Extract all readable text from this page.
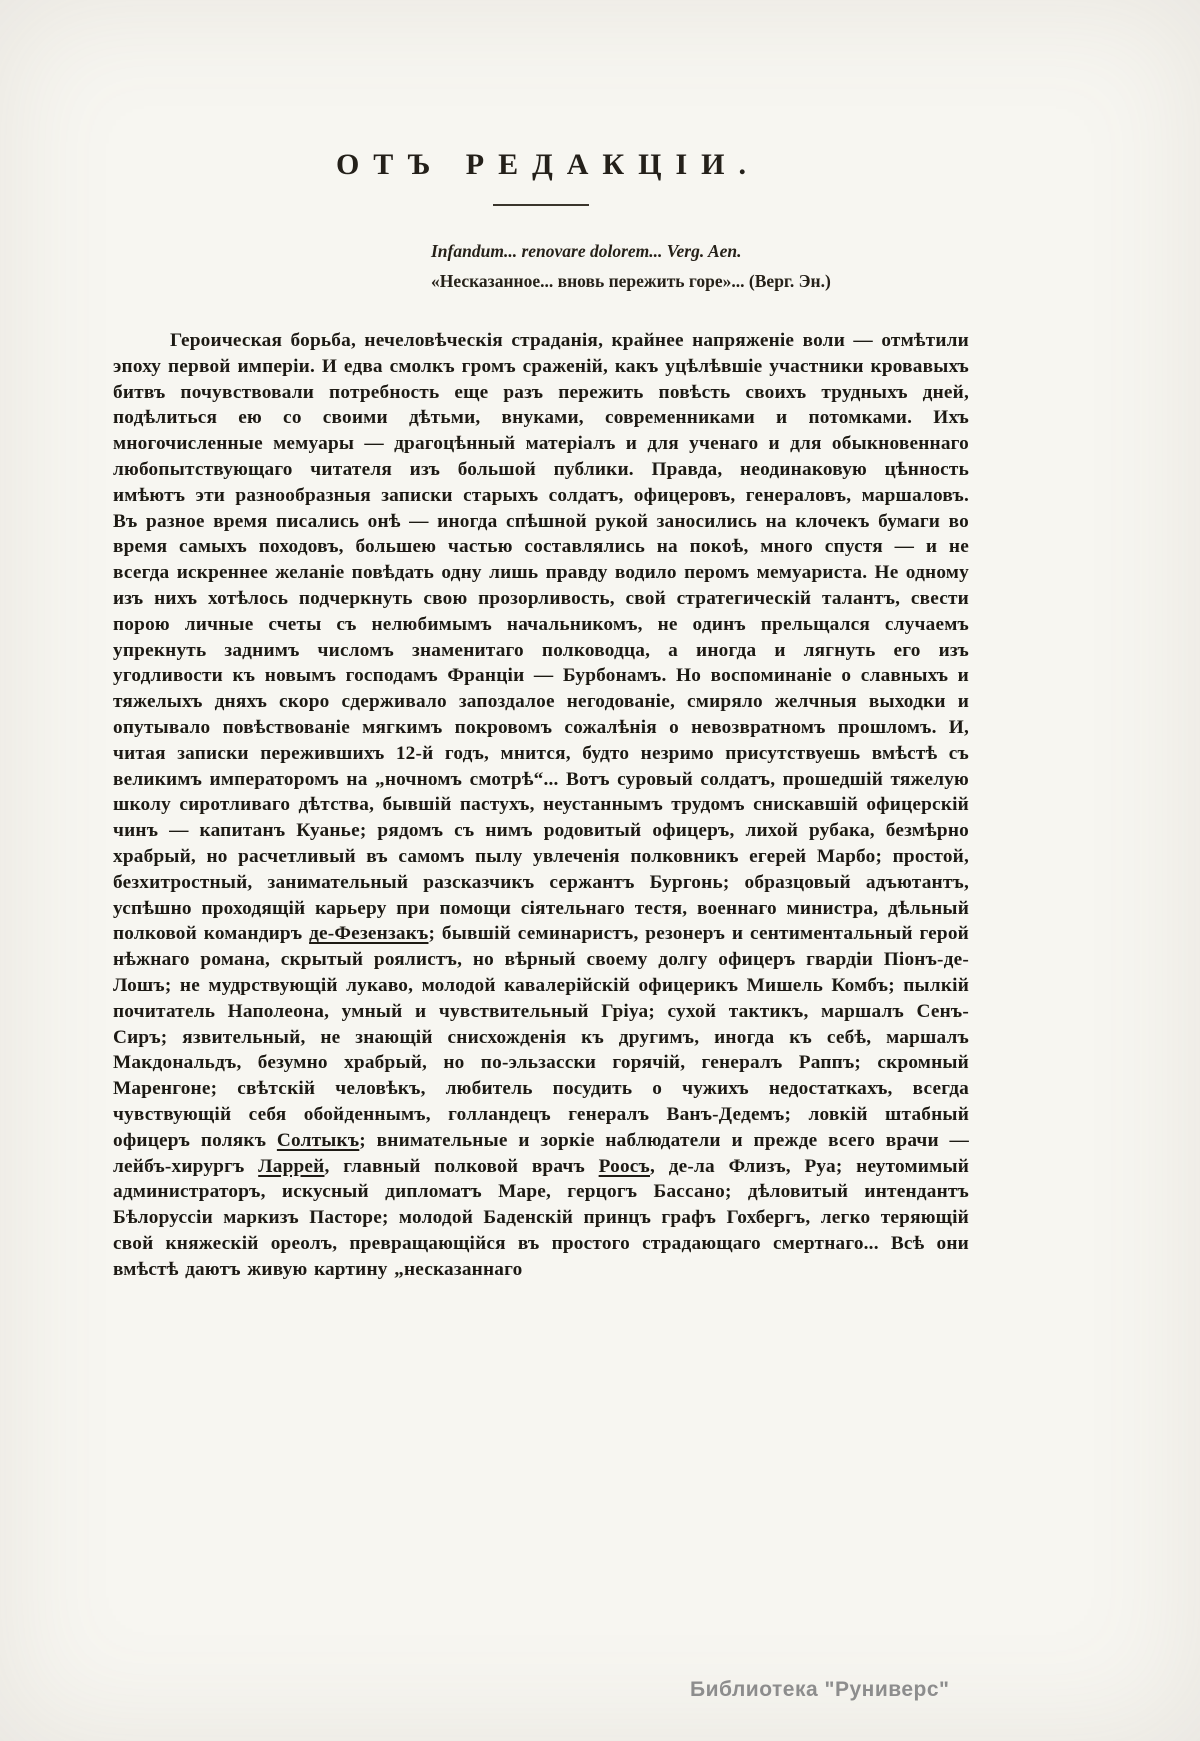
ОТЪ РЕДАКЦІИ.
Infandum... renovare dolorem... Verg. Aen.
«Несказанное... вновь пережить горе»... (Верг. Эн.)

Героическая борьба, нечеловѣческія страданія, крайнее напряженіе воли — отмѣтили эпоху первой имперіи. И едва смолкъ громъ сраженій, какъ уцѣлѣвшіе участники кровавыхъ битвъ почувствовали потребность еще разъ пережить повѣсть своихъ трудныхъ дней, подѣлиться ею со своими дѣтьми, внуками, современниками и потомками. Ихъ многочисленные мемуары — драгоцѣнный матеріалъ и для ученаго и для обыкновеннаго любопытствующаго читателя изъ большой публики. Правда, неодинаковую цѣнность имѣютъ эти разнообразныя записки старыхъ солдатъ, офицеровъ, генераловъ, маршаловъ. Въ разное время писались онѣ — иногда спѣшной рукой заносились на клочекъ бумаги во время самыхъ походовъ, большею частью составлялись на покоѣ, много спустя — и не всегда искреннее желаніе повѣдать одну лишь правду водило перомъ мемуариста. Не одному изъ нихъ хотѣлось подчеркнуть свою прозорливость, свой стратегическій талантъ, свести порою личные счеты съ нелюбимымъ начальникомъ, не одинъ прельщался случаемъ упрекнуть заднимъ числомъ знаменитаго полководца, а иногда и лягнуть его изъ угодливости къ новымъ господамъ Франціи — Бурбонамъ. Но воспоминаніе о славныхъ и тяжелыхъ дняхъ скоро сдерживало запоздалое негодованіе, смиряло желчныя выходки и опутывало повѣствованіе мягкимъ покровомъ сожалѣнія о невозвратномъ прошломъ. И, читая записки пережившихъ 12-й годъ, мнится, будто незримо присутствуешь вмѣстѣ съ великимъ императоромъ на „ночномъ смотрѣ“... Вотъ суровый солдатъ, прошедшій тяжелую школу сиротливаго дѣтства, бывшій пастухъ, неустаннымъ трудомъ снискавшій офицерскій чинъ — капитанъ Куанье; рядомъ съ нимъ родовитый офицеръ, лихой рубака, безмѣрно храбрый, но расчетливый въ самомъ пылу увлеченія полковникъ егерей Марбо; простой, безхитростный, занимательный разсказчикъ сержантъ Бургонь; образцовый адъютантъ, успѣшно проходящій карьеру при помощи сіятельнаго тестя, военнаго министра, дѣльный полковой командиръ де-Фезензакъ; бывшій семинаристъ, резонеръ и сентиментальный герой нѣжнаго романа, скрытый роялистъ, но вѣрный своему долгу офицеръ гвардіи Піонъ-де-Лошъ; не мудрствующій лукаво, молодой кавалерійскій офицерикъ Мишель Комбъ; пылкій почитатель Наполеона, умный и чувствительный Гріуа; сухой тактикъ, маршалъ Сенъ-Сиръ; язвительный, не знающій снисхожденія къ другимъ, иногда къ себѣ, маршалъ Макдональдъ, безумно храбрый, но по-эльзасски горячій, генералъ Раппъ; скромный Маренгоне; свѣтскій человѣкъ, любитель посудить о чужихъ недостаткахъ, всегда чувствующій себя обойденнымъ, голландецъ генералъ Ванъ-Дедемъ; ловкій штабный офицеръ полякъ Солтыкъ; внимательные и зоркіе наблюдатели и прежде всего врачи — лейбъ-хирургъ Ларрей, главный полковой врачъ Роосъ, де-ла Флизъ, Руа; неутомимый администраторъ, искусный дипломатъ Маре, герцогъ Бассано; дѣловитый интендантъ Бѣлоруссіи маркизъ Пасторе; молодой Баденскій принцъ графъ Гохбергъ, легко теряющій свой княжескій ореолъ, превращающійся въ простого страдающаго смертнаго... Всѣ они вмѣстѣ даютъ живую картину „несказаннаго

Библиотека "Руниверс"
